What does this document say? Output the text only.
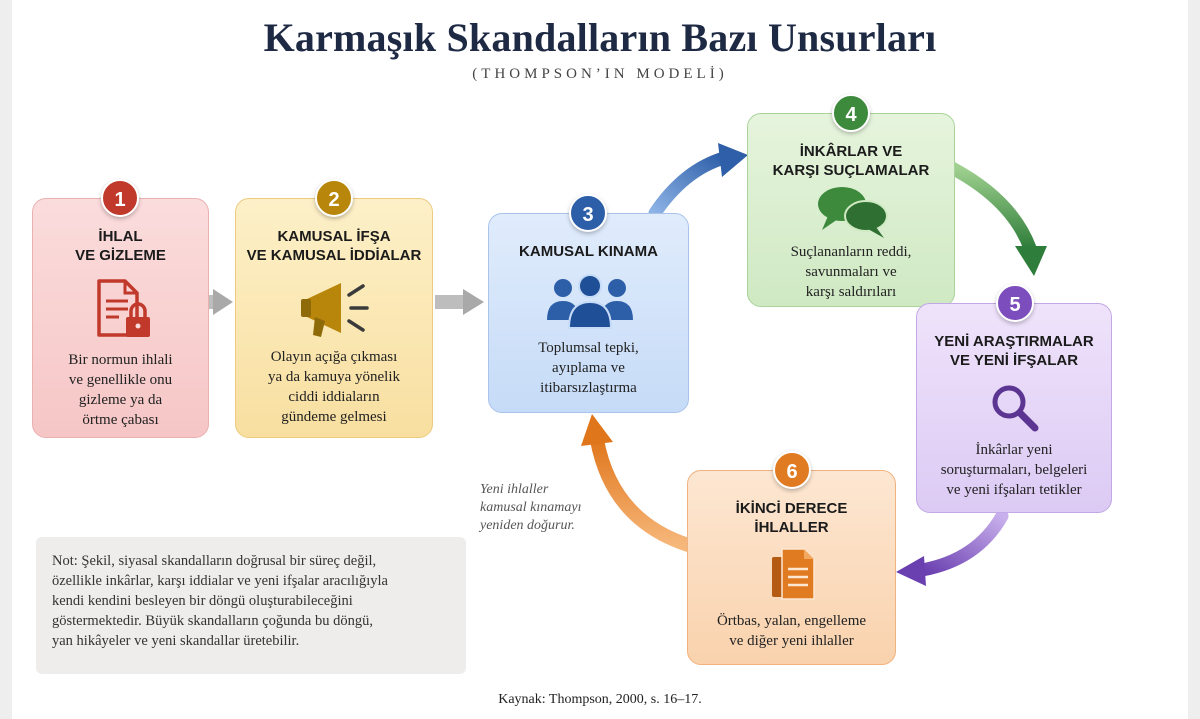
Karmaşık Skandalların Bazı Unsurları
(THOMPSON’IN MODELİ)
1
İHLAL
VE GİZLEME
Bir normun ihlali
ve genellikle onu
gizleme ya da
örtme çabası
2
KAMUSAL İFŞA
VE KAMUSAL İDDİALAR
Olayın açığa çıkması
ya da kamuya yönelik
ciddi iddiaların
gündeme gelmesi
3
KAMUSAL KINAMA
Toplumsal tepki,
ayıplama ve
itibarsızlaştırma
4
İNKÂRLAR VE
KARŞI SUÇLAMALAR
Suçlananların reddi,
savunmaları ve
karşı saldırıları
5
YENİ ARAŞTIRMALAR
VE YENİ İFŞALAR
İnkârlar yeni
soruşturmaları, belgeleri
ve yeni ifşaları tetikler
6
İKİNCİ DERECE
İHLALLER
Örtbas, yalan, engelleme
ve diğer yeni ihlaller
Yeni ihlaller
kamusal kınamayı
yeniden doğurur.
Not: Şekil, siyasal skandalların doğrusal bir süreç değil,
özellikle inkârlar, karşı iddialar ve yeni ifşalar aracılığıyla
kendi kendini besleyen bir döngü oluşturabileceğini
göstermektedir. Büyük skandalların çoğunda bu döngü,
yan hikâyeler ve yeni skandallar üretebilir.
Kaynak: Thompson, 2000, s. 16–17.
